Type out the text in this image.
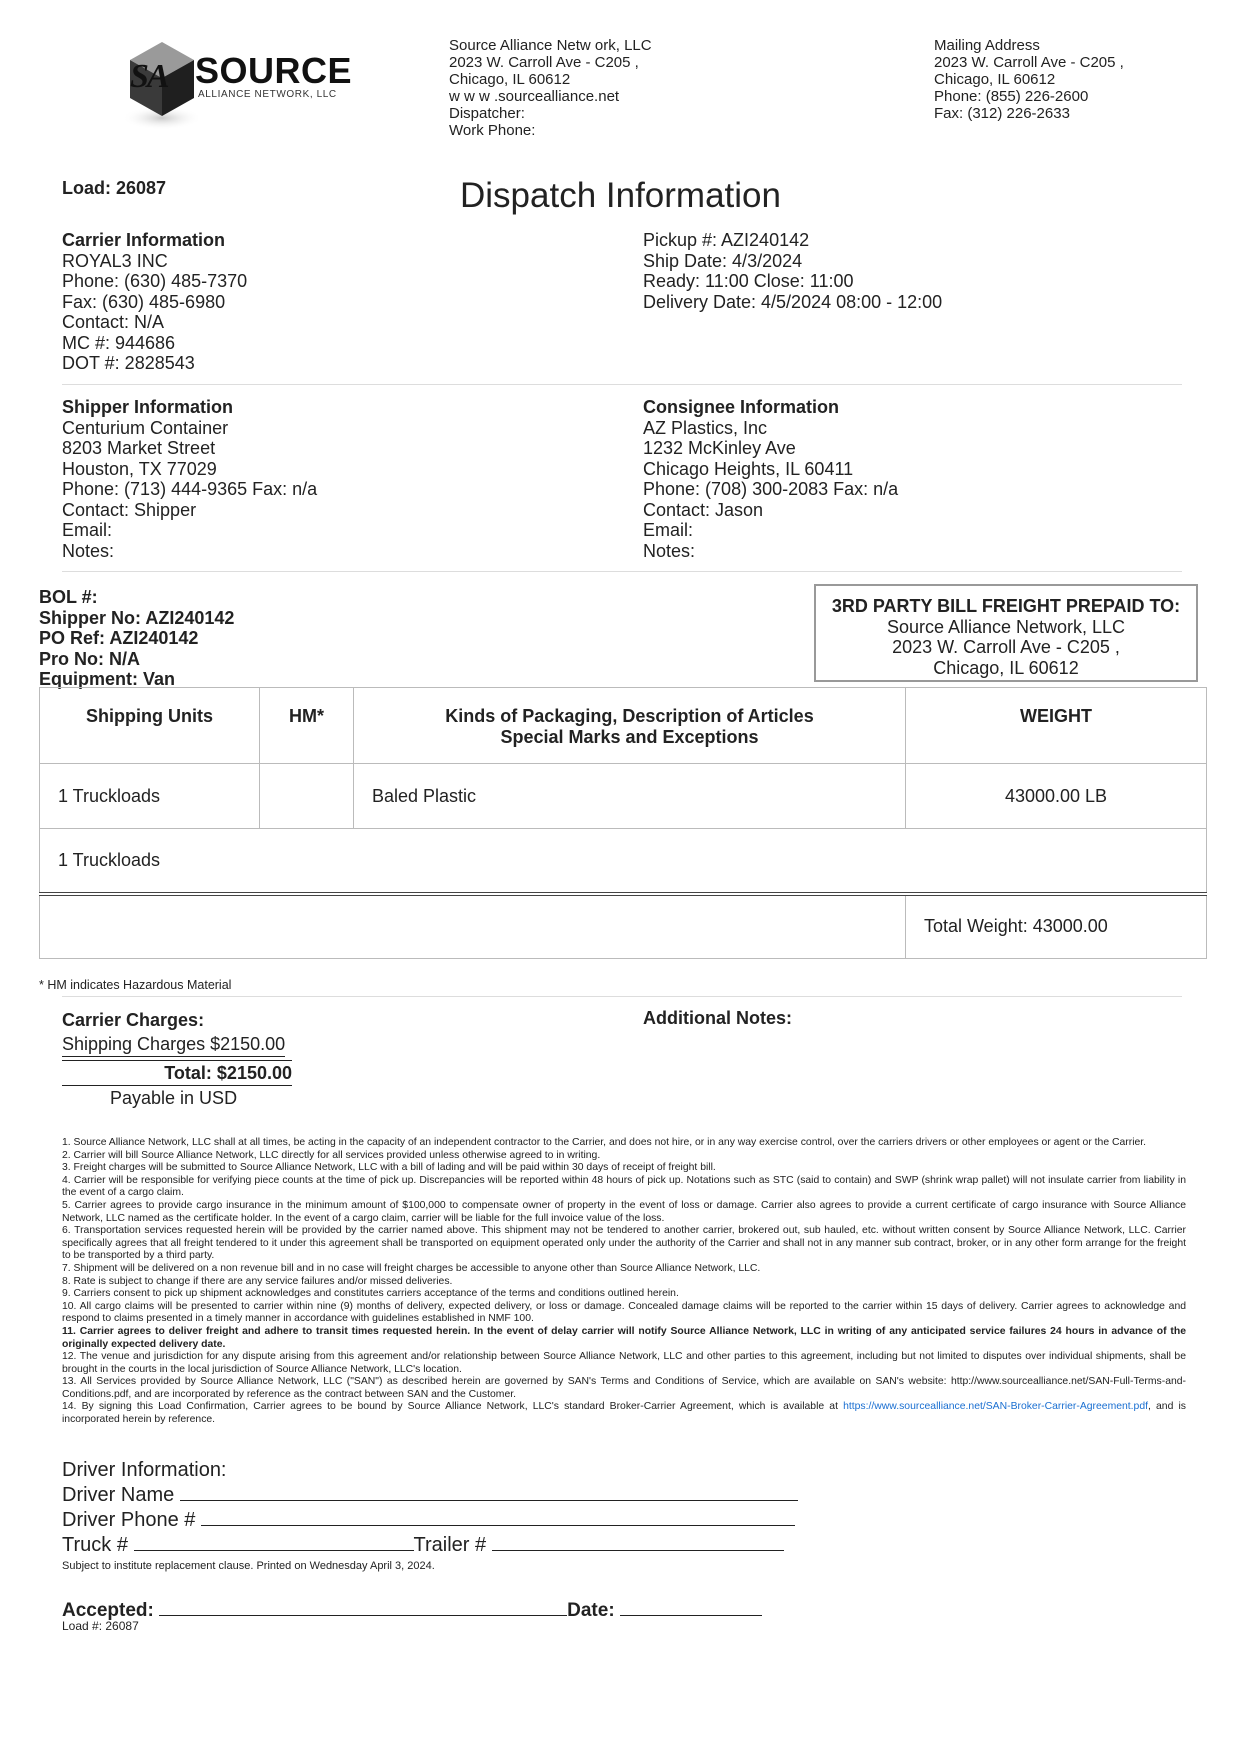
SA SOURCE
ALLIANCE NETWORK, LLC
Source Alliance Netw ork, LLC
2023 W. Carroll Ave - C205 ,
Chicago, IL 60612
w w w .sourcealliance.net
Dispatcher:
Work Phone:
Mailing Address
2023 W. Carroll Ave - C205 ,
Chicago, IL 60612
Phone: (855) 226-2600
Fax: (312) 226-2633
Load: 26087	Dispatch Information
Carrier Information
ROYAL3 INC
Phone: (630) 485-7370
Fax: (630) 485-6980
Contact: N/A
MC #: 944686
DOT #: 2828543
Pickup #: AZI240142
Ship Date: 4/3/2024
Ready: 11:00 Close: 11:00
Delivery Date: 4/5/2024 08:00 - 12:00
Shipper Information
Centurium Container
8203 Market Street
Houston, TX 77029
Phone: (713) 444-9365 Fax: n/a
Contact: Shipper
Email:
Notes:
Consignee Information
AZ Plastics, Inc
1232 McKinley Ave
Chicago Heights, IL 60411
Phone: (708) 300-2083 Fax: n/a
Contact: Jason
Email:
Notes:
BOL #:
Shipper No: AZI240142
PO Ref: AZI240142
Pro No: N/A
Equipment: Van
3RD PARTY BILL FREIGHT PREPAID TO:
Source Alliance Network, LLC
2023 W. Carroll Ave - C205 ,
Chicago, IL 60612
Shipping Units	HM*	Kinds of Packaging, Description of Articles
Special Marks and Exceptions	WEIGHT
1 Truckloads		Baled Plastic	43000.00 LB
1 Truckloads			
			Total Weight: 43000.00
* HM indicates Hazardous Material
Carrier Charges:
Shipping Charges $2150.00
Total: $2150.00
Payable in USD
Additional Notes:
1. Source Alliance Network, LLC shall at all times, be acting in the capacity of an independent contractor to the Carrier, and does not hire, or in any way exercise control, over the carriers drivers or other employees or agent or the Carrier.
2. Carrier will bill Source Alliance Network, LLC directly for all services provided unless otherwise agreed to in writing.
3. Freight charges will be submitted to Source Alliance Network, LLC with a bill of lading and will be paid within 30 days of receipt of freight bill.
4. Carrier will be responsible for verifying piece counts at the time of pick up. Discrepancies will be reported within 48 hours of pick up. Notations such as STC (said to contain) and SWP (shrink wrap pallet) will not insulate carrier from liability in the event of a cargo claim.
5. Carrier agrees to provide cargo insurance in the minimum amount of $100,000 to compensate owner of property in the event of loss or damage. Carrier also agrees to provide a current certificate of cargo insurance with Source Alliance Network, LLC named as the certificate holder. In the event of a cargo claim, carrier will be liable for the full invoice value of the loss.
6. Transportation services requested herein will be provided by the carrier named above. This shipment may not be tendered to another carrier, brokered out, sub hauled, etc. without written consent by Source Alliance Network, LLC. Carrier specifically agrees that all freight tendered to it under this agreement shall be transported on equipment operated only under the authority of the Carrier and shall not in any manner sub contract, broker, or in any other form arrange for the freight to be transported by a third party.
7. Shipment will be delivered on a non revenue bill and in no case will freight charges be accessible to anyone other than Source Alliance Network, LLC.
8. Rate is subject to change if there are any service failures and/or missed deliveries.
9. Carriers consent to pick up shipment acknowledges and constitutes carriers acceptance of the terms and conditions outlined herein.
10. All cargo claims will be presented to carrier within nine (9) months of delivery, expected delivery, or loss or damage. Concealed damage claims will be reported to the carrier within 15 days of delivery. Carrier agrees to acknowledge and respond to claims presented in a timely manner in accordance with guidelines established in NMF 100.
11. Carrier agrees to deliver freight and adhere to transit times requested herein. In the event of delay carrier will notify Source Alliance Network, LLC in writing of any anticipated service failures 24 hours in advance of the originally expected delivery date.
12. The venue and jurisdiction for any dispute arising from this agreement and/or relationship between Source Alliance Network, LLC and other parties to this agreement, including but not limited to disputes over individual shipments, shall be brought in the courts in the local jurisdiction of Source Alliance Network, LLC's location.
13. All Services provided by Source Alliance Network, LLC ("SAN") as described herein are governed by SAN's Terms and Conditions of Service, which are available on SAN's website: http://www.sourcealliance.net/SAN-Full-Terms-and-Conditions.pdf, and are incorporated by reference as the contract between SAN and the Customer.
14. By signing this Load Confirmation, Carrier agrees to be bound by Source Alliance Network, LLC's standard Broker-Carrier Agreement, which is available at https://www.sourcealliance.net/SAN-Broker-Carrier-Agreement.pdf, and is incorporated herein by reference.
Driver Information:
Driver Name
Driver Phone #
Truck #	Trailer #
Subject to institute replacement clause. Printed on Wednesday April 3, 2024.
Accepted:	Date:
Load #: 26087
